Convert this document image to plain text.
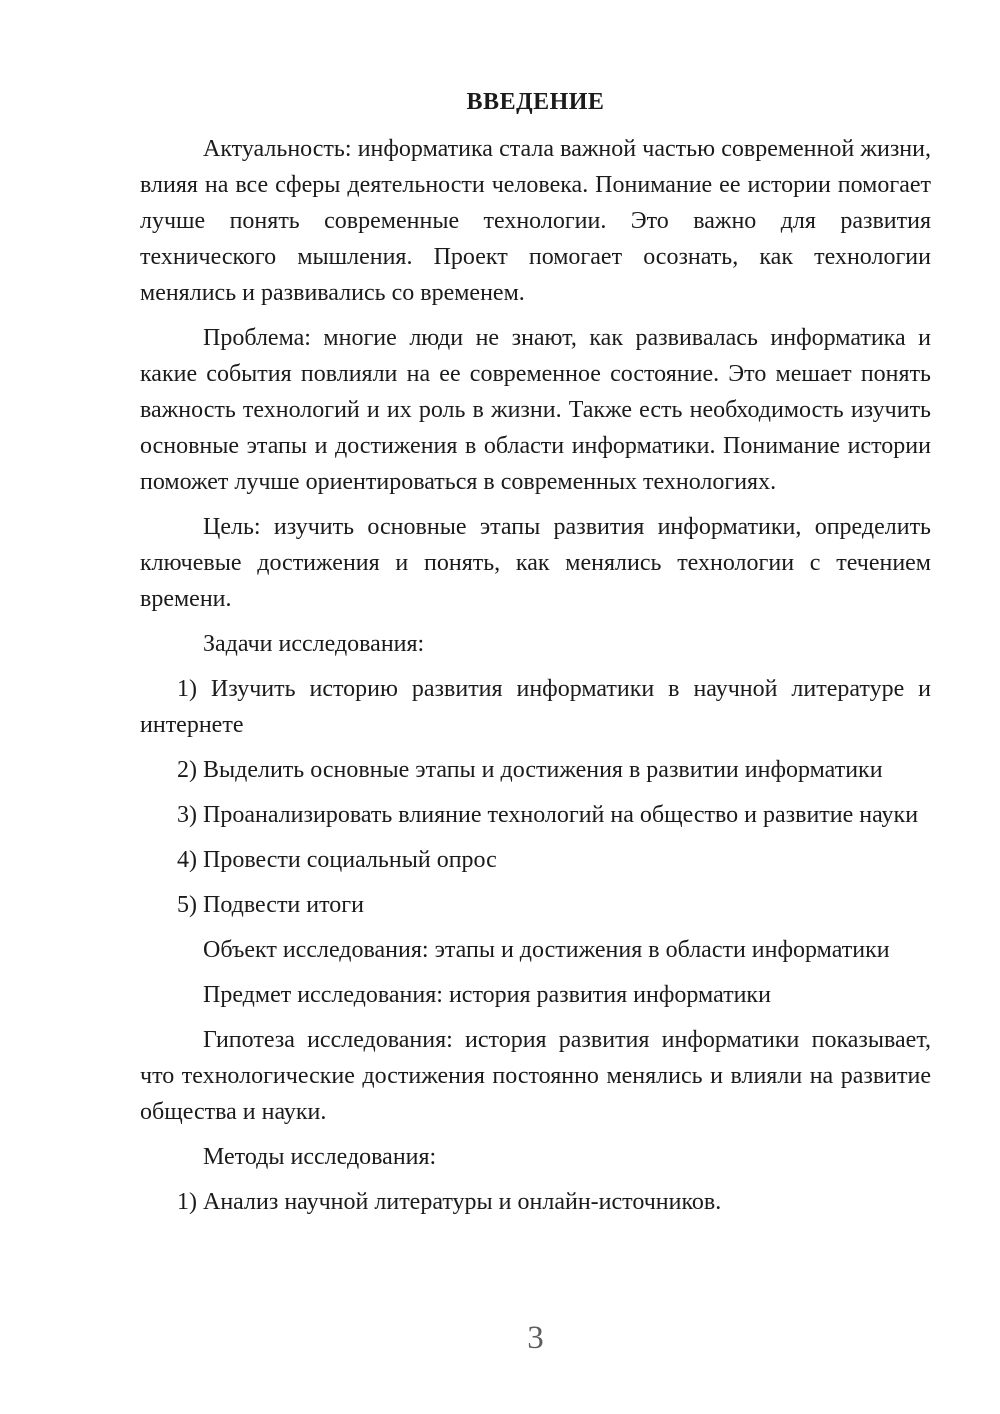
ВВЕДЕНИЕ

Актуальность: информатика стала важной частью современной жизни, влияя на все сферы деятельности человека. Понимание ее истории помогает лучше понять современные технологии. Это важно для развития технического мышления. Проект помогает осознать, как технологии менялись и развивались со временем.

Проблема: многие люди не знают, как развивалась информатика и какие события повлияли на ее современное состояние. Это мешает понять важность технологий и их роль в жизни. Также есть необходимость изучить основные этапы и достижения в области информатики. Понимание истории поможет лучше ориентироваться в современных технологиях.

Цель: изучить основные этапы развития информатики, определить ключевые достижения и понять, как менялись технологии с течением времени.

Задачи исследования:

1) Изучить историю развития информатики в научной литературе и интернете

2) Выделить основные этапы и достижения в развитии информатики

3) Проанализировать влияние технологий на общество и развитие науки

4) Провести социальный опрос

5) Подвести итоги

Объект исследования: этапы и достижения в области информатики

Предмет исследования: история развития информатики

Гипотеза исследования: история развития информатики показывает, что технологические достижения постоянно менялись и влияли на развитие общества и науки.

Методы исследования:

1) Анализ научной литературы и онлайн-источников.

3
